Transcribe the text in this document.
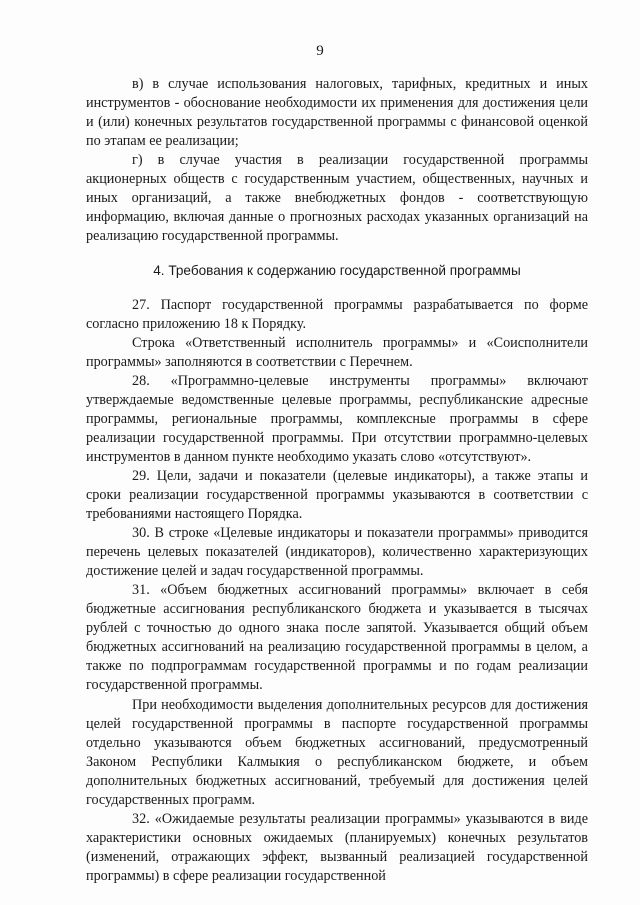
9

в) в случае использования налоговых, тарифных, кредитных и иных инструментов - обоснование необходимости их применения для достижения цели и (или) конечных результатов государственной программы с финансовой оценкой по этапам ее реализации;

г) в случае участия в реализации государственной программы акционерных обществ с государственным участием, общественных, научных и иных организаций, а также внебюджетных фондов - соответствующую информацию, включая данные о прогнозных расходах указанных организаций на реализацию государственной программы.

4. Требования к содержанию государственной программы

27. Паспорт государственной программы разрабатывается по форме согласно приложению 18 к Порядку.

Строка «Ответственный исполнитель программы» и «Соисполнители программы» заполняются в соответствии с Перечнем.

28. «Программно-целевые инструменты программы» включают утверждаемые ведомственные целевые программы, республиканские адресные программы, региональные программы, комплексные программы в сфере реализации государственной программы. При отсутствии программно-целевых инструментов в данном пункте необходимо указать слово «отсутствуют».

29. Цели, задачи и показатели (целевые индикаторы), а также этапы и сроки реализации государственной программы указываются в соответствии с требованиями настоящего Порядка.

30. В строке «Целевые индикаторы и показатели программы» приводится перечень целевых показателей (индикаторов), количественно характеризующих достижение целей и задач государственной программы.

31. «Объем бюджетных ассигнований программы» включает в себя бюджетные ассигнования республиканского бюджета и указывается в тысячах рублей с точностью до одного знака после запятой. Указывается общий объем бюджетных ассигнований на реализацию государственной программы в целом, а также по подпрограммам государственной программы и по годам реализации государственной программы.

При необходимости выделения дополнительных ресурсов для достижения целей государственной программы в паспорте государственной программы отдельно указываются объем бюджетных ассигнований, предусмотренный Законом Республики Калмыкия о республиканском бюджете, и объем дополнительных бюджетных ассигнований, требуемый для достижения целей государственных программ.

32. «Ожидаемые результаты реализации программы» указываются в виде характеристики основных ожидаемых (планируемых) конечных результатов (изменений, отражающих эффект, вызванный реализацией государственной программы) в сфере реализации государственной
